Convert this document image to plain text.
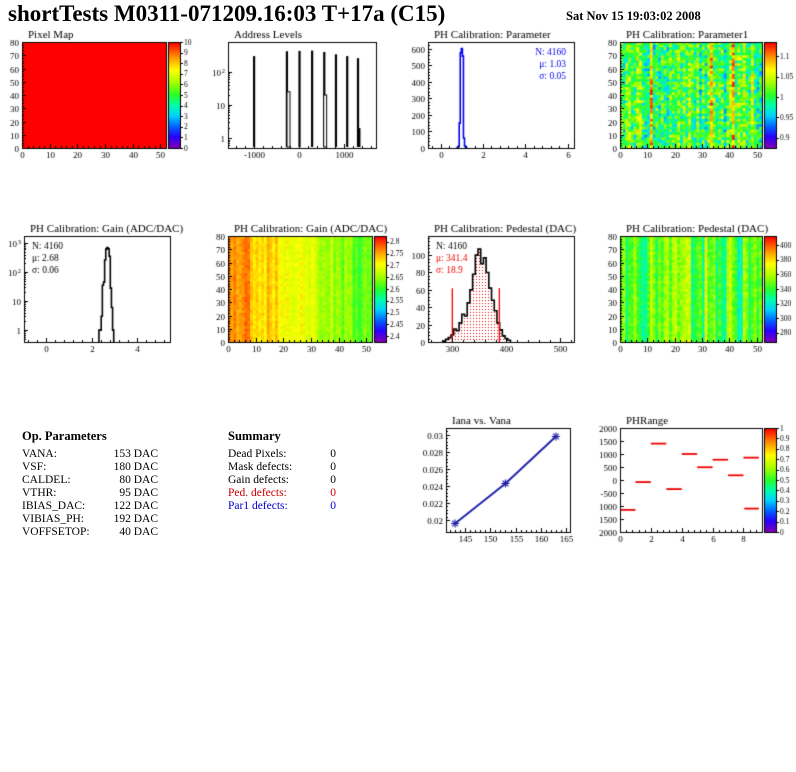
shortTests M0311-071209.16:03 T+17a (C15)	Sat Nov 15 19:03:02 2008
Op. Parameters
VANA:	153 DAC
VSF:	180 DAC
CALDEL:	80 DAC
VTHR:	95 DAC
IBIAS_DAC: 122 DAC
VIBIAS_PH:	192 DAC
VOFFSETOP:	40 DAC
Summary
Dead Pixels:	0
Mask defects:	0
Gain defects:	0
Ped. defects:	0
Par1 defects:	0
